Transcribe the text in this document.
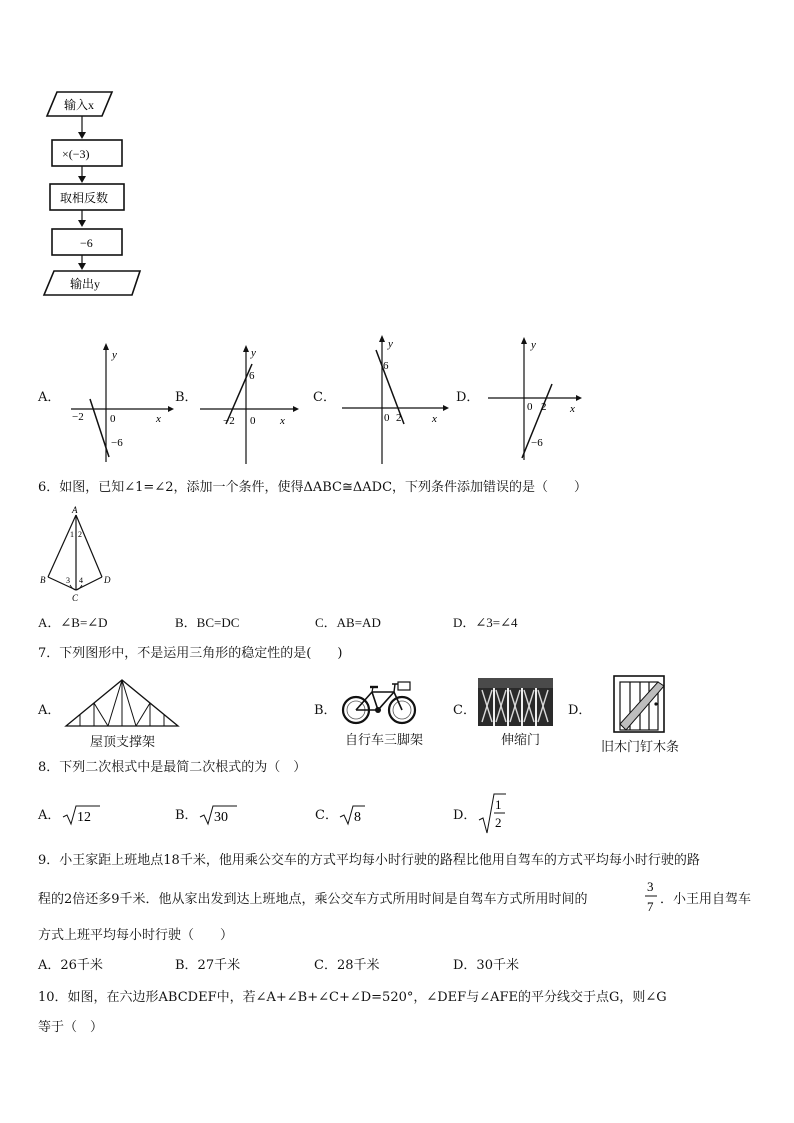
输入x
×(−3)
取相反数
−6
输出y
A．
y
x
0
−2
−6
B．
y
x
0
−2
6
C．
y
x
0 2
6
D．
y
x
0 2
−6
6．如图，已知∠1=∠2，添加一个条件，使得ΔABC≅ΔADC，下列条件添加错误的是（　　）
A
B	D
C
1 2
3 4
A．∠B=∠D	B．BC=DC	C．AB=AD	D．∠3=∠4
7．下列图形中，不是运用三角形的稳定性的是(　　)
A．
屋顶支撑架
B．
自行车三脚架
C．
伸缩门
D．
旧木门钉木条
8．下列二次根式中是最简二次根式的为（　）
A． 12	B． 30	C． 8	D．
1
2
9．小王家距上班地点18千米，他用乘公交车的方式平均每小时行驶的路程比他用自驾车的方式平均每小时行驶的路
程的2倍还多9千米．他从家出发到达上班地点，乘公交车方式所用时间是自驾车方式所用时间的
3
7 ．小王用自驾车
方式上班平均每小时行驶（　　）
A．26千米	B．27千米	C．28千米	D．30千米
10．如图，在六边形ABCDEF中，若∠A+∠B+∠C+∠D=520°，∠DEF与∠AFE的平分线交于点G，则∠G
等于（　）
